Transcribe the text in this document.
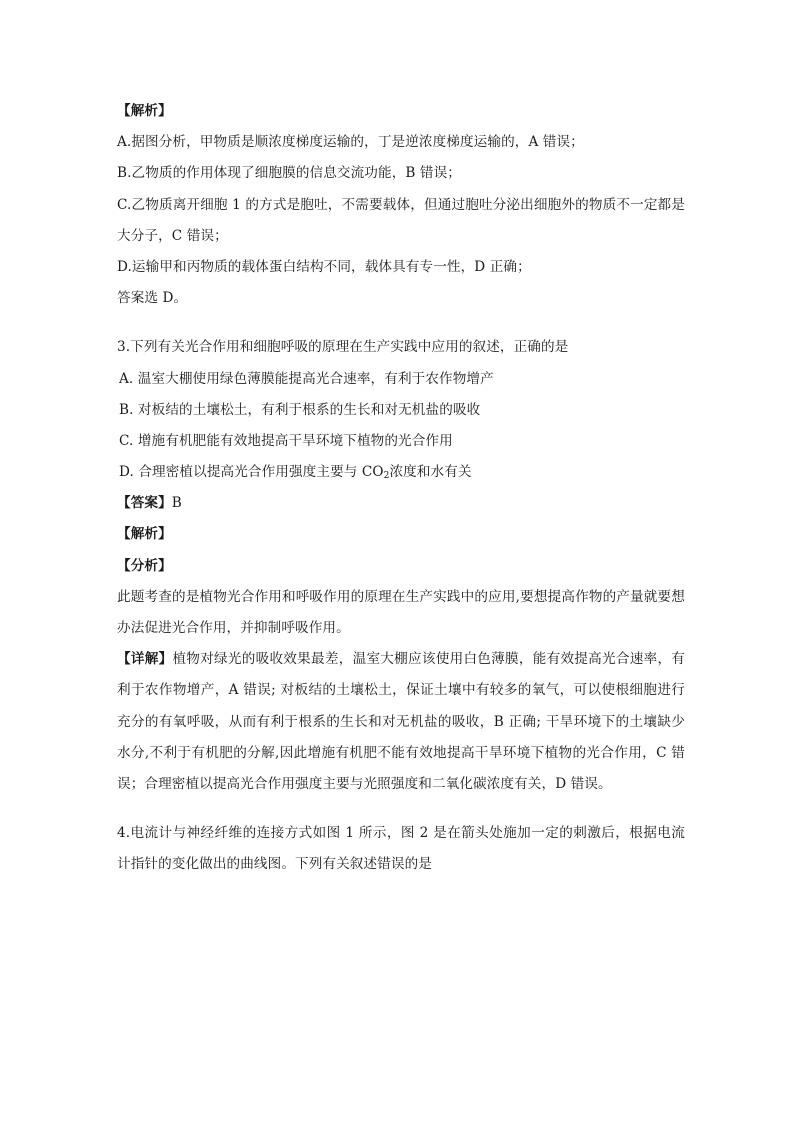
【解析】
A.据图分析，甲物质是顺浓度梯度运输的，丁是逆浓度梯度运输的，A 错误；
B.乙物质的作用体现了细胞膜的信息交流功能，B 错误；
C.乙物质离开细胞 1 的方式是胞吐，不需要载体，但通过胞吐分泌出细胞外的物质不一定都是大分子，C 错误；
D.运输甲和丙物质的载体蛋白结构不同，载体具有专一性，D 正确；
答案选 D。
3.下列有关光合作用和细胞呼吸的原理在生产实践中应用的叙述，正确的是
A. 温室大棚使用绿色薄膜能提高光合速率，有利于农作物增产
B. 对板结的土壤松土，有利于根系的生长和对无机盐的吸收
C. 增施有机肥能有效地提高干旱环境下植物的光合作用
D. 合理密植以提高光合作用强度主要与 $CO_2$浓度和水有关
【答案】B
【解析】
【分析】
此题考查的是植物光合作用和呼吸作用的原理在生产实践中的应用,要想提高作物的产量就要想办法促进光合作用，并抑制呼吸作用。
【详解】植物对绿光的吸收效果最差，温室大棚应该使用白色薄膜，能有效提高光合速率，有利于农作物增产，A 错误; 对板结的土壤松土，保证土壤中有较多的氧气，可以使根细胞进行充分的有氧呼吸，从而有利于根系的生长和对无机盐的吸收，B 正确; 干旱环境下的土壤缺少水分,不利于有机肥的分解,因此增施有机肥不能有效地提高干旱环境下植物的光合作用，C 错误；合理密植以提高光合作用强度主要与光照强度和二氧化碳浓度有关，D 错误。
4.电流计与神经纤维的连接方式如图 1 所示，图 2 是在箭头处施加一定的刺激后，根据电流计指针的变化做出的曲线图。下列有关叙述错误的是
